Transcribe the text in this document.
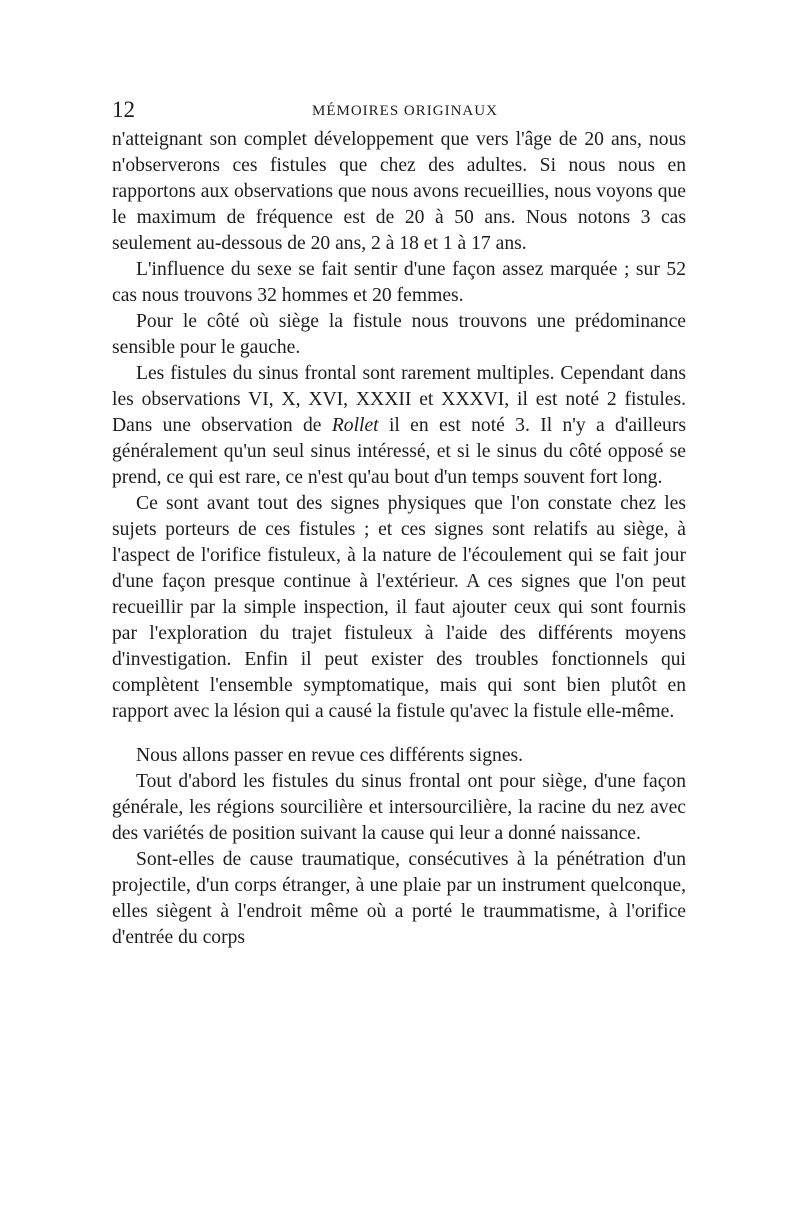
12	MÉMOIRES ORIGINAUX

n'atteignant son complet développement que vers l'âge de 20 ans, nous n'observerons ces fistules que chez des adultes. Si nous nous en rapportons aux observations que nous avons recueillies, nous voyons que le maximum de fréquence est de 20 à 50 ans. Nous notons 3 cas seulement au-dessous de 20 ans, 2 à 18 et 1 à 17 ans.

L'influence du sexe se fait sentir d'une façon assez marquée ; sur 52 cas nous trouvons 32 hommes et 20 femmes.

Pour le côté où siège la fistule nous trouvons une prédominance sensible pour le gauche.

Les fistules du sinus frontal sont rarement multiples. Cependant dans les observations VI, X, XVI, XXXII et XXXVI, il est noté 2 fistules. Dans une observation de Rollet il en est noté 3. Il n'y a d'ailleurs généralement qu'un seul sinus intéressé, et si le sinus du côté opposé se prend, ce qui est rare, ce n'est qu'au bout d'un temps souvent fort long.

Ce sont avant tout des signes physiques que l'on constate chez les sujets porteurs de ces fistules ; et ces signes sont relatifs au siège, à l'aspect de l'orifice fistuleux, à la nature de l'écoulement qui se fait jour d'une façon presque continue à l'extérieur. A ces signes que l'on peut recueillir par la simple inspection, il faut ajouter ceux qui sont fournis par l'exploration du trajet fistuleux à l'aide des différents moyens d'investigation. Enfin il peut exister des troubles fonctionnels qui complètent l'ensemble symptomatique, mais qui sont bien plutôt en rapport avec la lésion qui a causé la fistule qu'avec la fistule elle-même.

Nous allons passer en revue ces différents signes.

Tout d'abord les fistules du sinus frontal ont pour siège, d'une façon générale, les régions sourcilière et intersourcilière, la racine du nez avec des variétés de position suivant la cause qui leur a donné naissance.

Sont-elles de cause traumatique, consécutives à la pénétration d'un projectile, d'un corps étranger, à une plaie par un instrument quelconque, elles siègent à l'endroit même où a porté le traummatisme, à l'orifice d'entrée du corps
